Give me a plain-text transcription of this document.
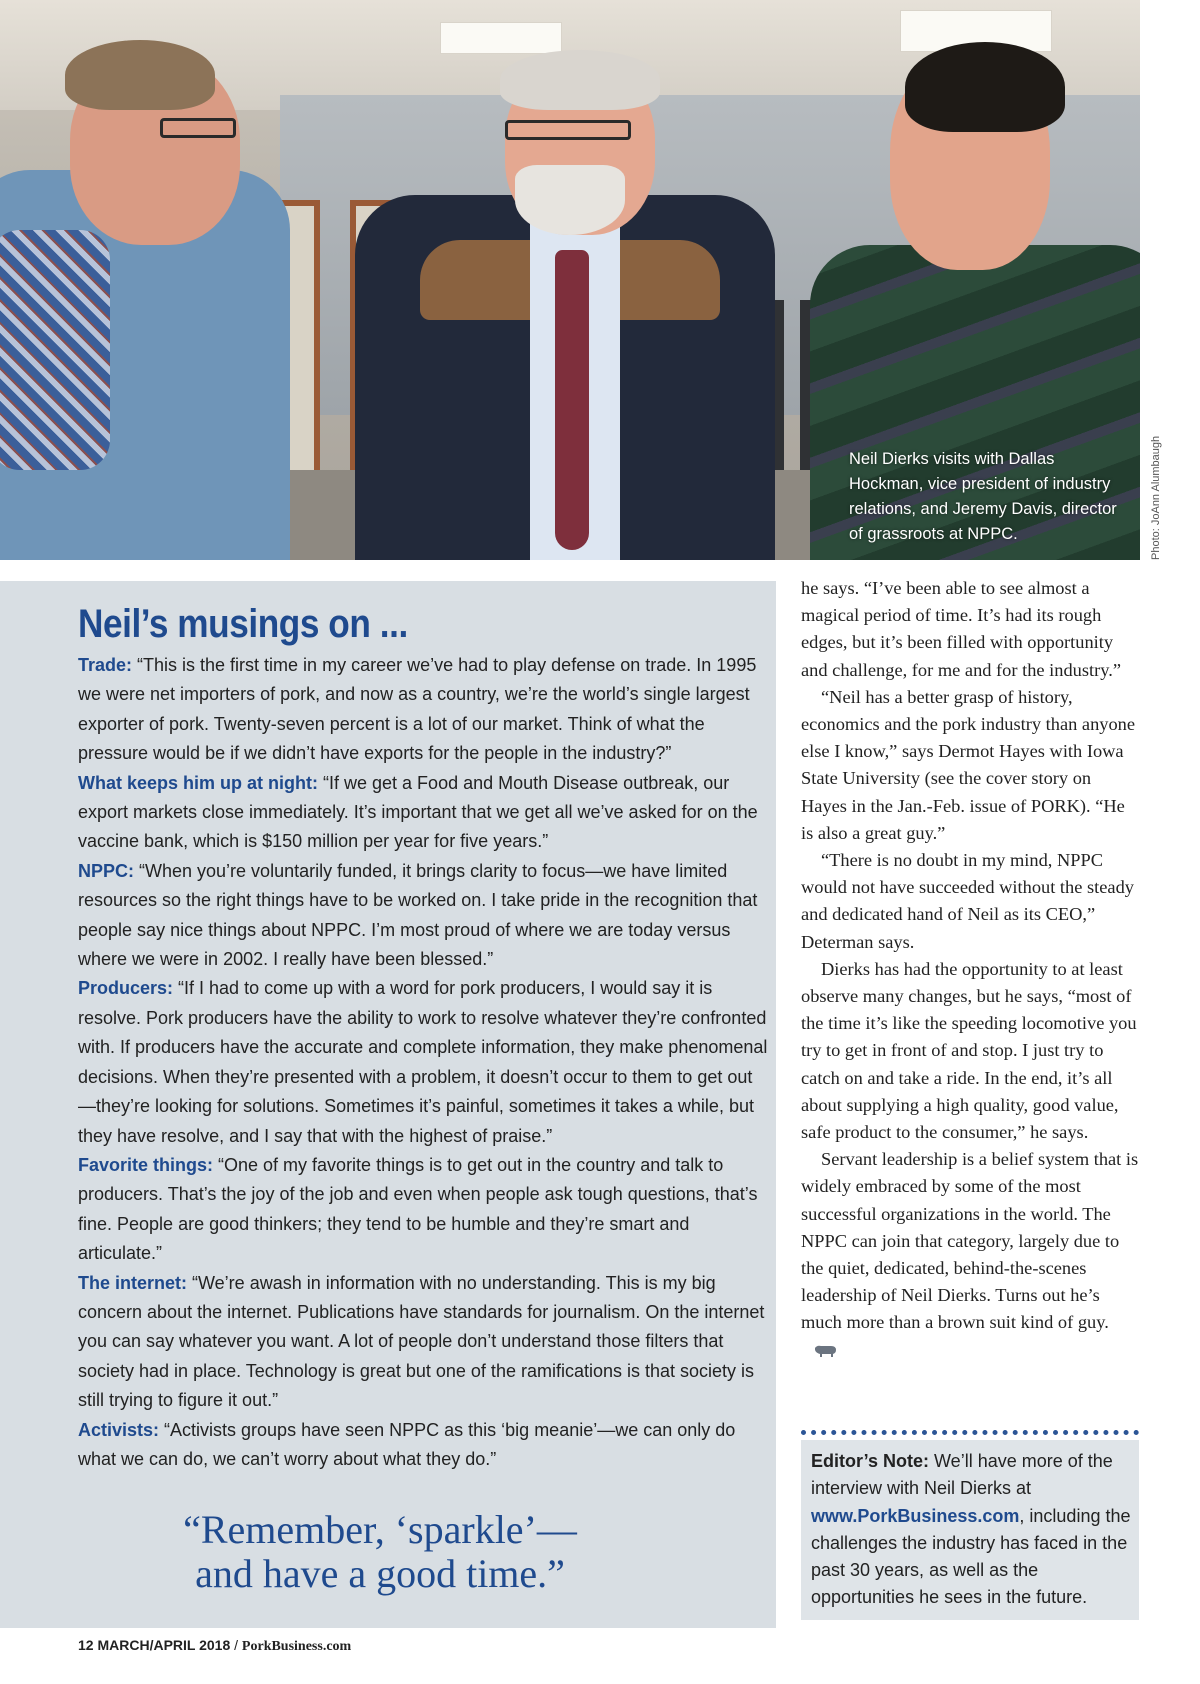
Neil Dierks visits with Dallas Hockman, vice president of industry relations, and Jeremy Davis, director of grassroots at NPPC.	Photo: JoAnn Alumbaugh
Neil’s musings on ...

Trade: “This is the first time in my career we’ve had to play defense on trade. In 1995 we were net importers of pork, and now as a country, we’re the world’s single largest exporter of pork. Twenty-seven percent is a lot of our market. Think of what the pressure would be if we didn’t have exports for the people in the industry?”

What keeps him up at night: “If we get a Food and Mouth Disease outbreak, our export markets close immediately. It’s important that we get all we’ve asked for on the vaccine bank, which is $150 million per year for five years.”

NPPC: “When you’re voluntarily funded, it brings clarity to focus—we have limited resources so the right things have to be worked on. I take pride in the recognition that people say nice things about NPPC. I’m most proud of where we are today versus where we were in 2002. I really have been blessed.”

Producers: “If I had to come up with a word for pork producers, I would say it is resolve. Pork producers have the ability to work to resolve whatever they’re confronted with. If producers have the accurate and complete information, they make phenomenal decisions. When they’re presented with a problem, it doesn’t occur to them to get out—they’re looking for solutions. Sometimes it’s painful, sometimes it takes a while, but they have resolve, and I say that with the highest of praise.”

Favorite things: “One of my favorite things is to get out in the country and talk to producers. That’s the joy of the job and even when people ask tough questions, that’s fine. People are good thinkers; they tend to be humble and they’re smart and articulate.”

The internet: “We’re awash in information with no understanding. This is my big concern about the internet. Publications have standards for journalism. On the internet you can say whatever you want. A lot of people don’t understand those filters that society had in place. Technology is great but one of the ramifications is that society is still trying to figure it out.”

Activists: “Activists groups have seen NPPC as this ‘big meanie’—we can only do what we can do, we can’t worry about what they do.”

“Remember, ‘sparkle’—
and have a good time.”

he says. “I’ve been able to see almost a magical period of time. It’s had its rough edges, but it’s been filled with opportunity and challenge, for me and for the industry.”

“Neil has a better grasp of history, economics and the pork industry than anyone else I know,” says Dermot Hayes with Iowa State University (see the cover story on Hayes in the Jan.-Feb. issue of PORK). “He is also a great guy.”

“There is no doubt in my mind, NPPC would not have succeeded without the steady and dedicated hand of Neil as its CEO,” Determan says.

Dierks has had the opportunity to at least observe many changes, but he says, “most of the time it’s like the speeding locomotive you try to get in front of and stop. I just try to catch on and take a ride. In the end, it’s all about supplying a high quality, good value, safe product to the consumer,” he says.

Servant leadership is a belief system that is widely embraced by some of the most successful organizations in the world. The NPPC can join that category, largely due to the quiet, dedicated, behind-the-scenes leadership of Neil Dierks. Turns out he’s much more than a brown suit kind of guy.

Editor’s Note: We’ll have more of the interview with Neil Dierks at www.PorkBusiness.com, including the challenges the industry has faced in the past 30 years, as well as the opportunities he sees in the future.
12 MARCH/APRIL 2018 / PorkBusiness.com
